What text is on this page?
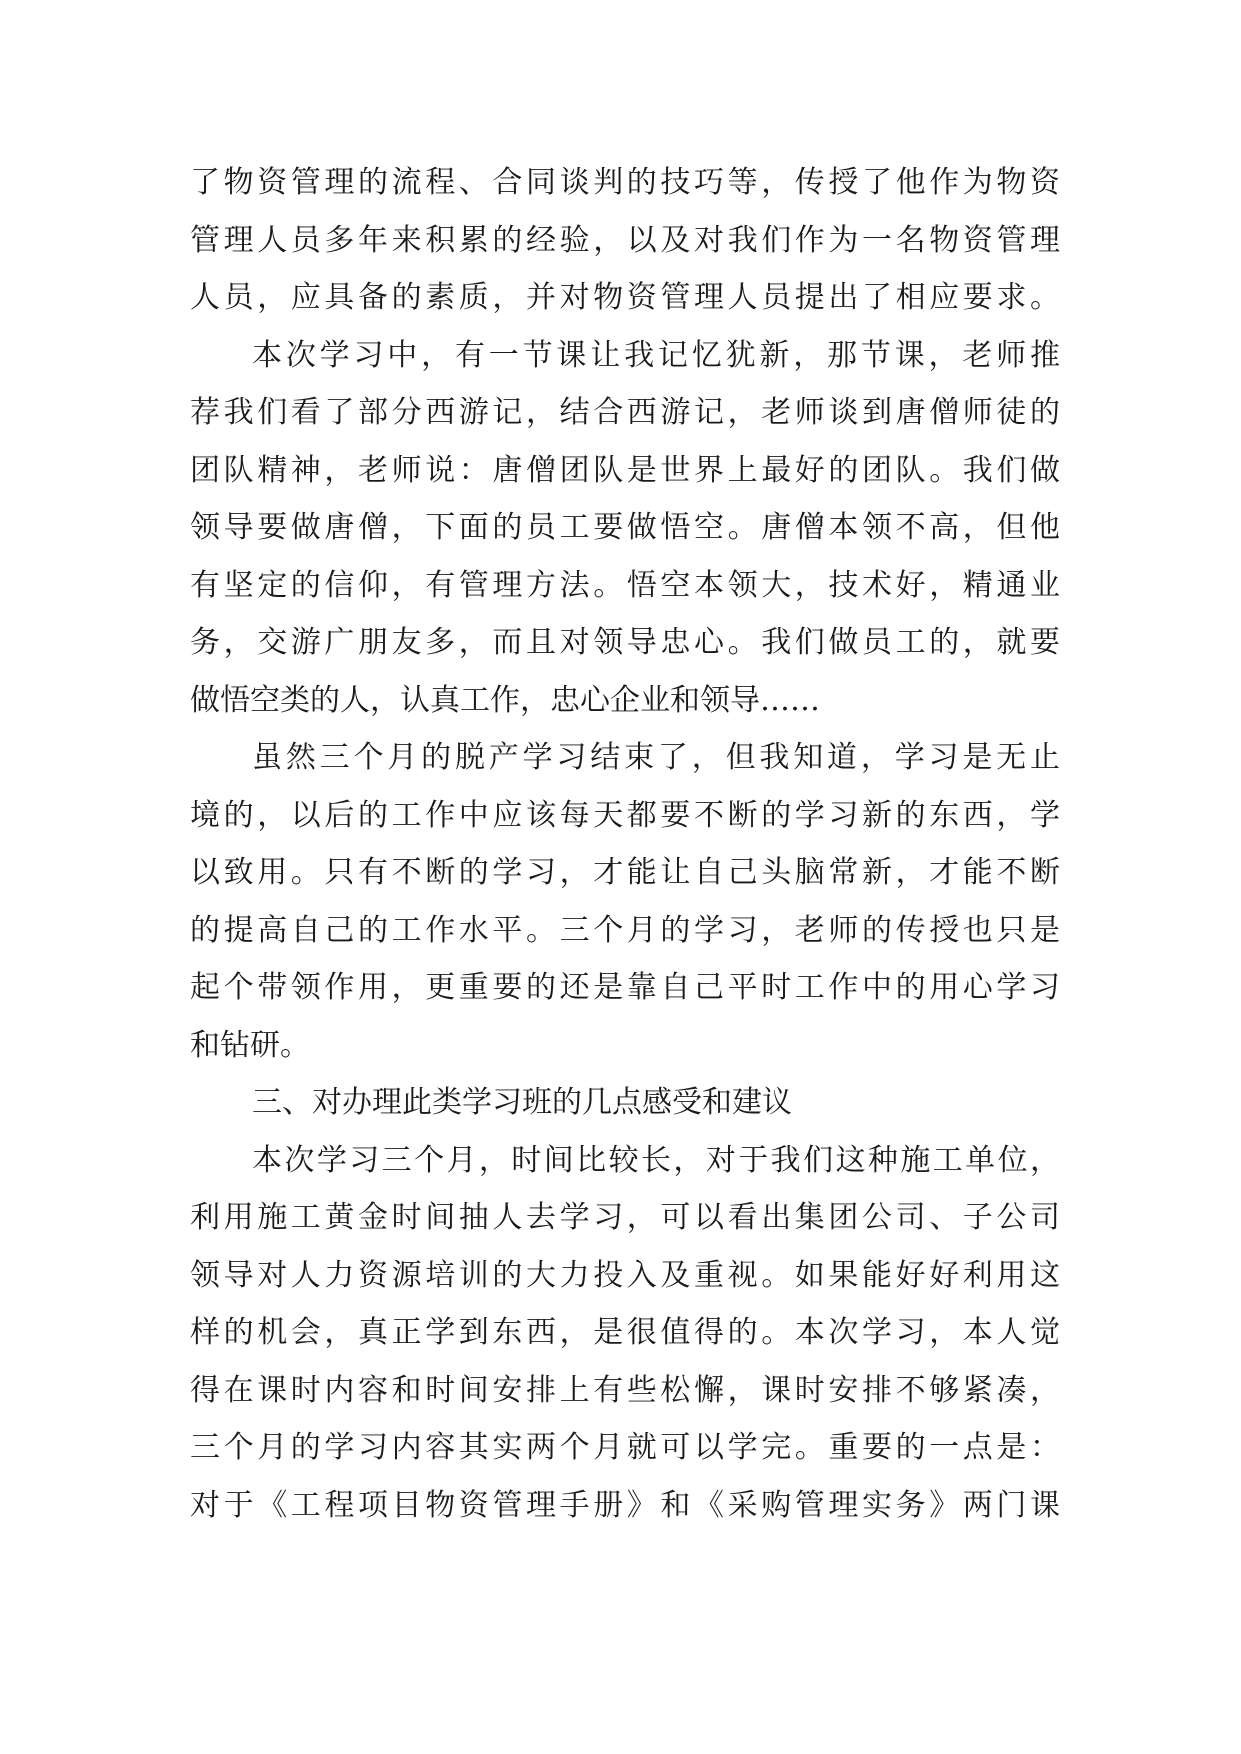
了物资管理的流程、合同谈判的技巧等，传授了他作为物资
管理人员多年来积累的经验，以及对我们作为一名物资管理
人员，应具备的素质，并对物资管理人员提出了相应要求。
本次学习中，有一节课让我记忆犹新，那节课，老师推
荐我们看了部分西游记，结合西游记，老师谈到唐僧师徒的
团队精神，老师说：唐僧团队是世界上最好的团队。我们做
领导要做唐僧，下面的员工要做悟空。唐僧本领不高，但他
有坚定的信仰，有管理方法。悟空本领大，技术好，精通业
务，交游广朋友多，而且对领导忠心。我们做员工的，就要
做悟空类的人，认真工作，忠心企业和领导……
虽然三个月的脱产学习结束了，但我知道，学习是无止
境的，以后的工作中应该每天都要不断的学习新的东西，学
以致用。只有不断的学习，才能让自己头脑常新，才能不断
的提高自己的工作水平。三个月的学习，老师的传授也只是
起个带领作用，更重要的还是靠自己平时工作中的用心学习
和钻研。
三、对办理此类学习班的几点感受和建议
本次学习三个月，时间比较长，对于我们这种施工单位，
利用施工黄金时间抽人去学习，可以看出集团公司、子公司
领导对人力资源培训的大力投入及重视。如果能好好利用这
样的机会，真正学到东西，是很值得的。本次学习，本人觉
得在课时内容和时间安排上有些松懈，课时安排不够紧凑，
三个月的学习内容其实两个月就可以学完。重要的一点是：
对于《工程项目物资管理手册》和《采购管理实务》两门课
